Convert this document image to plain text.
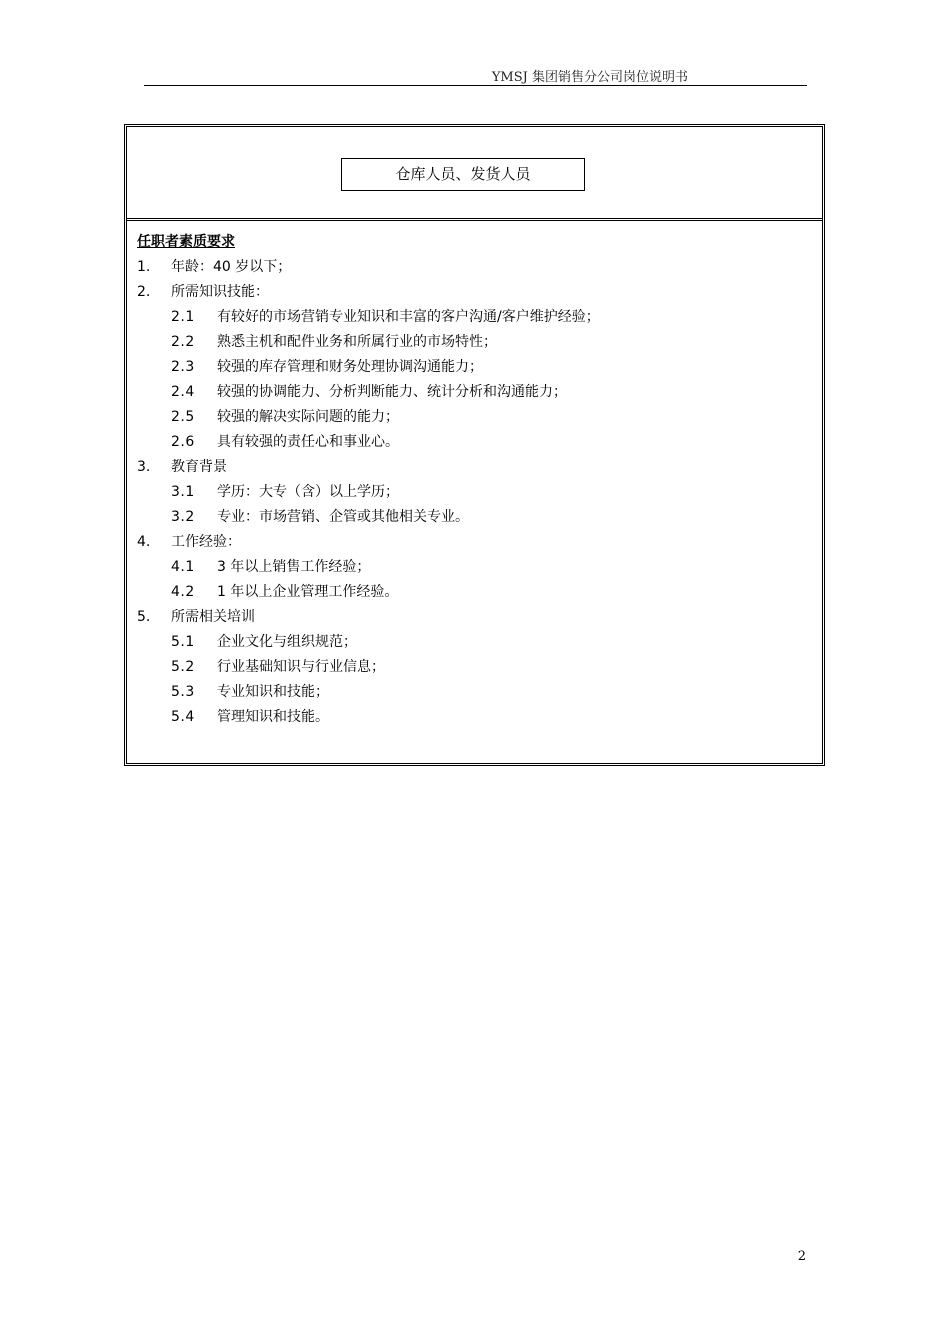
YMSJ 集团销售分公司岗位说明书
仓库人员、发货人员
任职者素质要求
1. 年龄：40 岁以下；
2. 所需知识技能：
2.1 有较好的市场营销专业知识和丰富的客户沟通/客户维护经验；
2.2 熟悉主机和配件业务和所属行业的市场特性；
2.3 较强的库存管理和财务处理协调沟通能力；
2.4 较强的协调能力、分析判断能力、统计分析和沟通能力；
2.5 较强的解决实际问题的能力；
2.6 具有较强的责任心和事业心。
3. 教育背景
3.1 学历：大专（含）以上学历；
3.2 专业：市场营销、企管或其他相关专业。
4. 工作经验：
4.1 3 年以上销售工作经验；
4.2 1 年以上企业管理工作经验。
5. 所需相关培训
5.1 企业文化与组织规范；
5.2 行业基础知识与行业信息；
5.3 专业知识和技能；
5.4 管理知识和技能。
2
